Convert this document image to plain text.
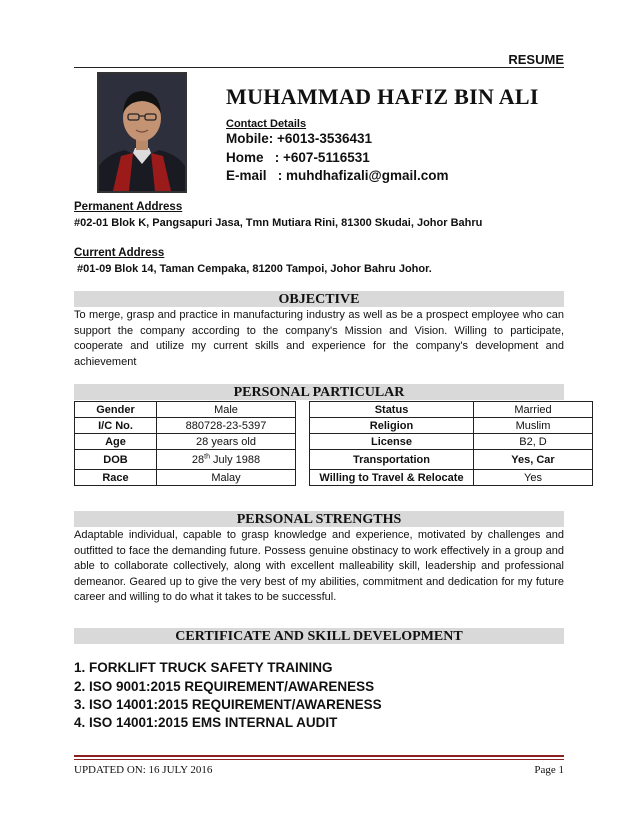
RESUME
MUHAMMAD HAFIZ BIN ALI
Contact Details
Mobile: +6013-3536431
Home   : +607-5116531
E-mail   : muhdhafizali@gmail.com
Permanent Address
#02-01 Blok K, Pangsapuri Jasa, Tmn Mutiara Rini, 81300 Skudai, Johor Bahru
Current Address
#01-09 Blok 14, Taman Cempaka, 81200 Tampoi, Johor Bahru Johor.
OBJECTIVE
To merge, grasp and practice in manufacturing industry as well as be a prospect employee who can support the company according to the company's Mission and Vision. Willing to participate, cooperate and utilize my current skills and experience for the company's development and achievement
PERSONAL PARTICULAR
Gender	Male
I/C No.	880728-23-5397
Age	28 years old
DOB	28th July 1988
Race	Malay
Status	Married
Religion	Muslim
License	B2, D
Transportation	Yes, Car
Willing to Travel & Relocate	Yes
PERSONAL STRENGTHS
Adaptable individual, capable to grasp knowledge and experience, motivated by challenges and outfitted to face the demanding future. Possess genuine obstinacy to work effectively in a group and able to collaborate collectively, along with excellent malleability skill, leadership and professional demeanor. Geared up to give the very best of my abilities, commitment and dedication for my future career and willing to do what it takes to be successful.
CERTIFICATE AND SKILL DEVELOPMENT
1. FORKLIFT TRUCK SAFETY TRAINING
2. ISO 9001:2015 REQUIREMENT/AWARENESS
3. ISO 14001:2015 REQUIREMENT/AWARENESS
4. ISO 14001:2015 EMS INTERNAL AUDIT
UPDATED ON: 16 JULY 2016	Page 1
